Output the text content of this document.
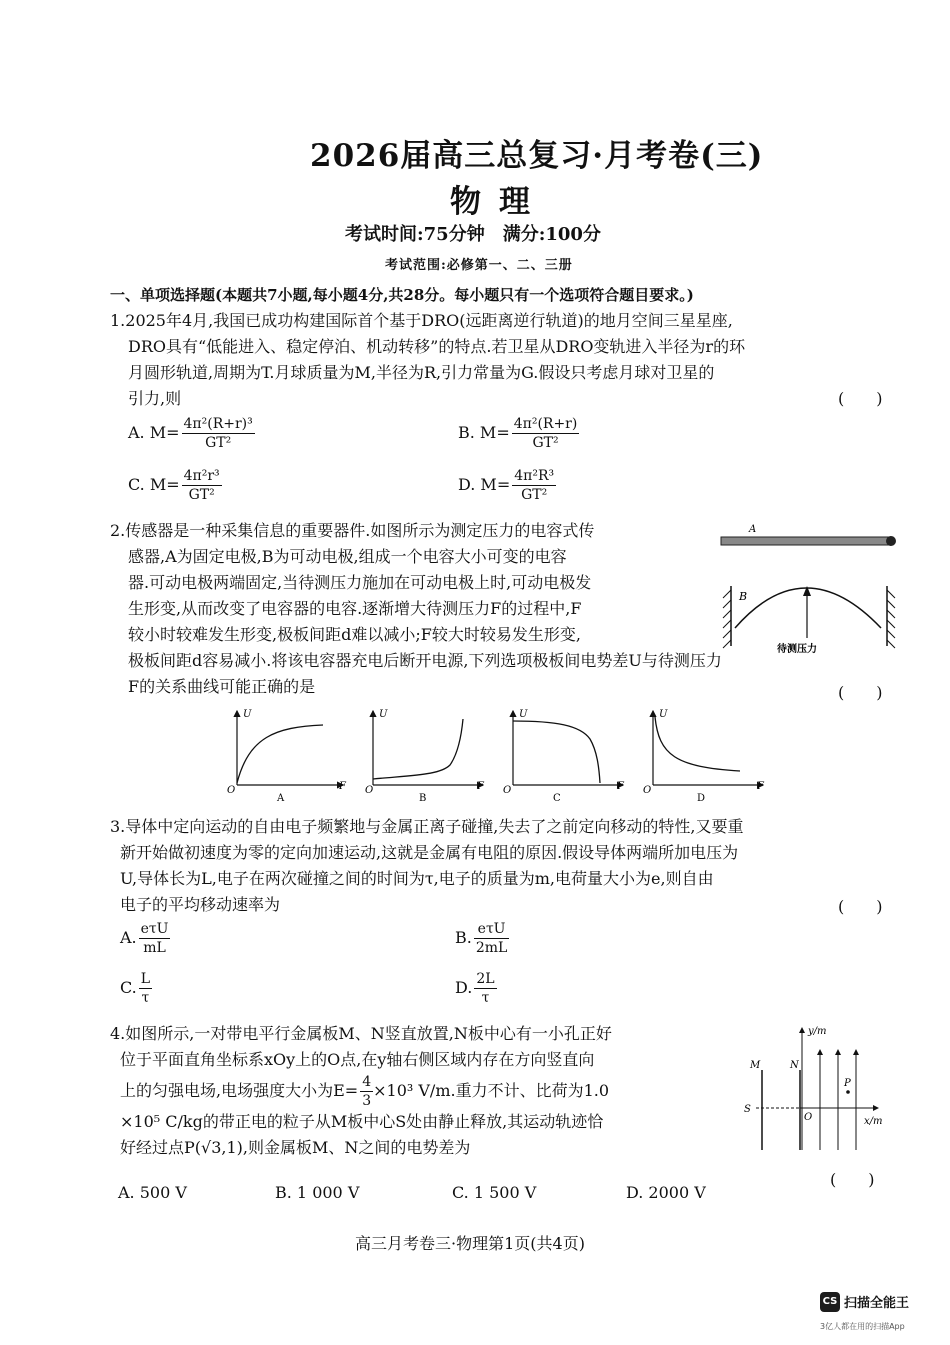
2026届高三总复习·月考卷(三)
物理
考试时间:75分钟　满分:100分
考试范围:必修第一、二、三册
一、单项选择题(本题共7小题,每小题4分,共28分。每小题只有一个选项符合题目要求。)
1.2025年4月,我国已成功构建国际首个基于DRO(远距离逆行轨道)的地月空间三星星座,
DRO具有“低能进入、稳定停泊、机动转移”的特点.若卫星从DRO变轨进入半径为r的环
月圆形轨道,周期为T.月球质量为M,半径为R,引力常量为G.假设只考虑月球对卫星的
引力,则	(　　)
A. $M= \frac{\text{4π²(R+r)³}}{\text{GT²}}$	B. $M= \frac{\text{4π²(R+r)}}{\text{GT²}}$
C. $M= \frac{\text{4π²r³}}{\text{GT²}}$	D. $M= \frac{\text{4π²R³}}{\text{GT²}}$
2.传感器是一种采集信息的重要器件.如图所示为测定压力的电容式传
感器,A为固定电极,B为可动电极,组成一个电容大小可变的电容
器.可动电极两端固定,当待测压力施加在可动电极上时,可动电极发
生形变,从而改变了电容器的电容.逐渐增大待测压力F的过程中,F
较小时较难发生形变,极板间距d难以减小;F较大时较易发生形变,
极板间距d容易减小.将该电容器充电后断开电源,下列选项极板间电势差U与待测压力
F的关系曲线可能正确的是	(　　)
A
B
待测压力
U
F
O
A
U
F
O
B
U
F
O
C
U
F
O
D
3.导体中定向运动的自由电子频繁地与金属正离子碰撞,失去了之前定向移动的特性,又要重
新开始做初速度为零的定向加速运动,这就是金属有电阻的原因.假设导体两端所加电压为
U,导体长为L,电子在两次碰撞之间的时间为τ,电子的质量为m,电荷量大小为e,则自由
电子的平均移动速率为	(　　)
A. $\frac{\text{eτU}}{mL}$	B. $\frac{\text{eτU}}{2mL}$
C. $\frac{L}{\tau}$	D. $\frac{2L}{\tau}$
4.如图所示,一对带电平行金属板M、N竖直放置,N板中心有一小孔正好
位于平面直角坐标系xOy上的O点,在y轴右侧区域内存在方向竖直向
上的匀强电场,电场强度大小为$E= \frac{4}{3} \times 10^3$ V/m.重力不计、比荷为1.0
×10⁵ C/kg的带正电的粒子从M板中心S处由静止释放,其运动轨迹恰
好经过点P(√3,1),则金属板M、N之间的电势差为
(　　)
A. 500 V	B. 1 000 V	C. 1 500 V	D. 2000 V
M	N
S
O
P
y/m
x/m
高三月考卷三·物理第1页(共4页)
CS 扫描全能王
3亿人都在用的扫描App
